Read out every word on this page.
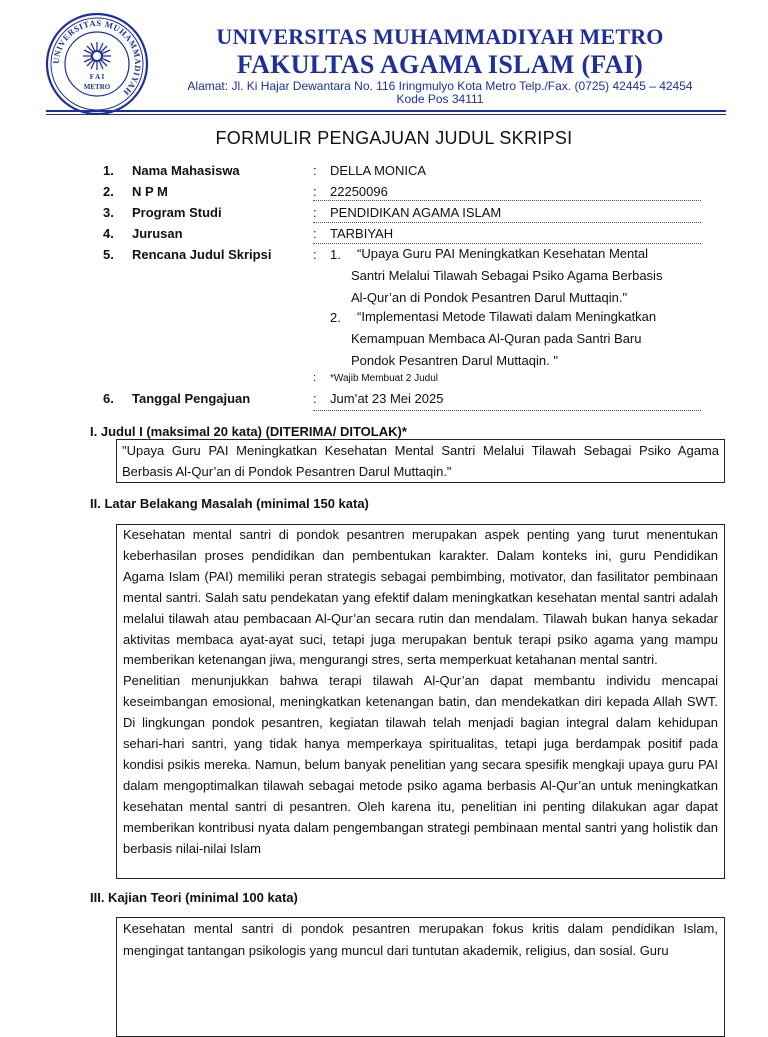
UNIVERSITAS MUHAMMADIYAH
F A I
METRO
UNIVERSITAS MUHAMMADIYAH METRO
FAKULTAS AGAMA ISLAM (FAI)
Alamat: Jl. Ki Hajar Dewantara No. 116 Iringmulyo Kota Metro Telp./Fax. (0725) 42445 – 42454
Kode Pos 34111
FORMULIR PENGAJUAN JUDUL SKRIPSI
1. Nama Mahasiswa	: DELLA MONICA
2. N P M	: 22250096
3. Program Studi	: PENDIDIKAN AGAMA ISLAM
4. Jurusan	: TARBIYAH
5. Rencana Judul Skripsi	: 1. “Upaya Guru PAI Meningkatkan Kesehatan Mental
Santri Melalui Tilawah Sebagai Psiko Agama Berbasis
Al-Qur’an di Pondok Pesantren Darul Muttaqin."
2. “Implementasi Metode Tilawati dalam Meningkatkan
Kemampuan Membaca Al-Quran pada Santri Baru
Pondok Pesantren Darul Muttaqin. "
: *Wajib Membuat 2 Judul
6. Tanggal Pengajuan	: Jum’at 23 Mei 2025
I. Judul I (maksimal 20 kata) (DITERIMA/ DITOLAK)*

"Upaya Guru PAI Meningkatkan Kesehatan Mental Santri Melalui Tilawah Sebagai Psiko Agama Berbasis Al-Qur’an di Pondok Pesantren Darul Muttaqin."

II. Latar Belakang Masalah (minimal 150 kata)

Kesehatan mental santri di pondok pesantren merupakan aspek penting yang turut menentukan keberhasilan proses pendidikan dan pembentukan karakter. Dalam konteks ini, guru Pendidikan Agama Islam (PAI) memiliki peran strategis sebagai pembimbing, motivator, dan fasilitator pembinaan mental santri. Salah satu pendekatan yang efektif dalam meningkatkan kesehatan mental santri adalah melalui tilawah atau pembacaan Al-Qur’an secara rutin dan mendalam. Tilawah bukan hanya sekadar aktivitas membaca ayat-ayat suci, tetapi juga merupakan bentuk terapi psiko agama yang mampu memberikan ketenangan jiwa, mengurangi stres, serta memperkuat ketahanan mental santri.

Penelitian menunjukkan bahwa terapi tilawah Al-Qur’an dapat membantu individu mencapai keseimbangan emosional, meningkatkan ketenangan batin, dan mendekatkan diri kepada Allah SWT. Di lingkungan pondok pesantren, kegiatan tilawah telah menjadi bagian integral dalam kehidupan sehari-hari santri, yang tidak hanya memperkaya spiritualitas, tetapi juga berdampak positif pada kondisi psikis mereka. Namun, belum banyak penelitian yang secara spesifik mengkaji upaya guru PAI dalam mengoptimalkan tilawah sebagai metode psiko agama berbasis Al-Qur’an untuk meningkatkan kesehatan mental santri di pesantren. Oleh karena itu, penelitian ini penting dilakukan agar dapat memberikan kontribusi nyata dalam pengembangan strategi pembinaan mental santri yang holistik dan berbasis nilai-nilai Islam

III. Kajian Teori (minimal 100 kata)

Kesehatan mental santri di pondok pesantren merupakan fokus kritis dalam pendidikan Islam, mengingat tantangan psikologis yang muncul dari tuntutan akademik, religius, dan sosial. Guru
